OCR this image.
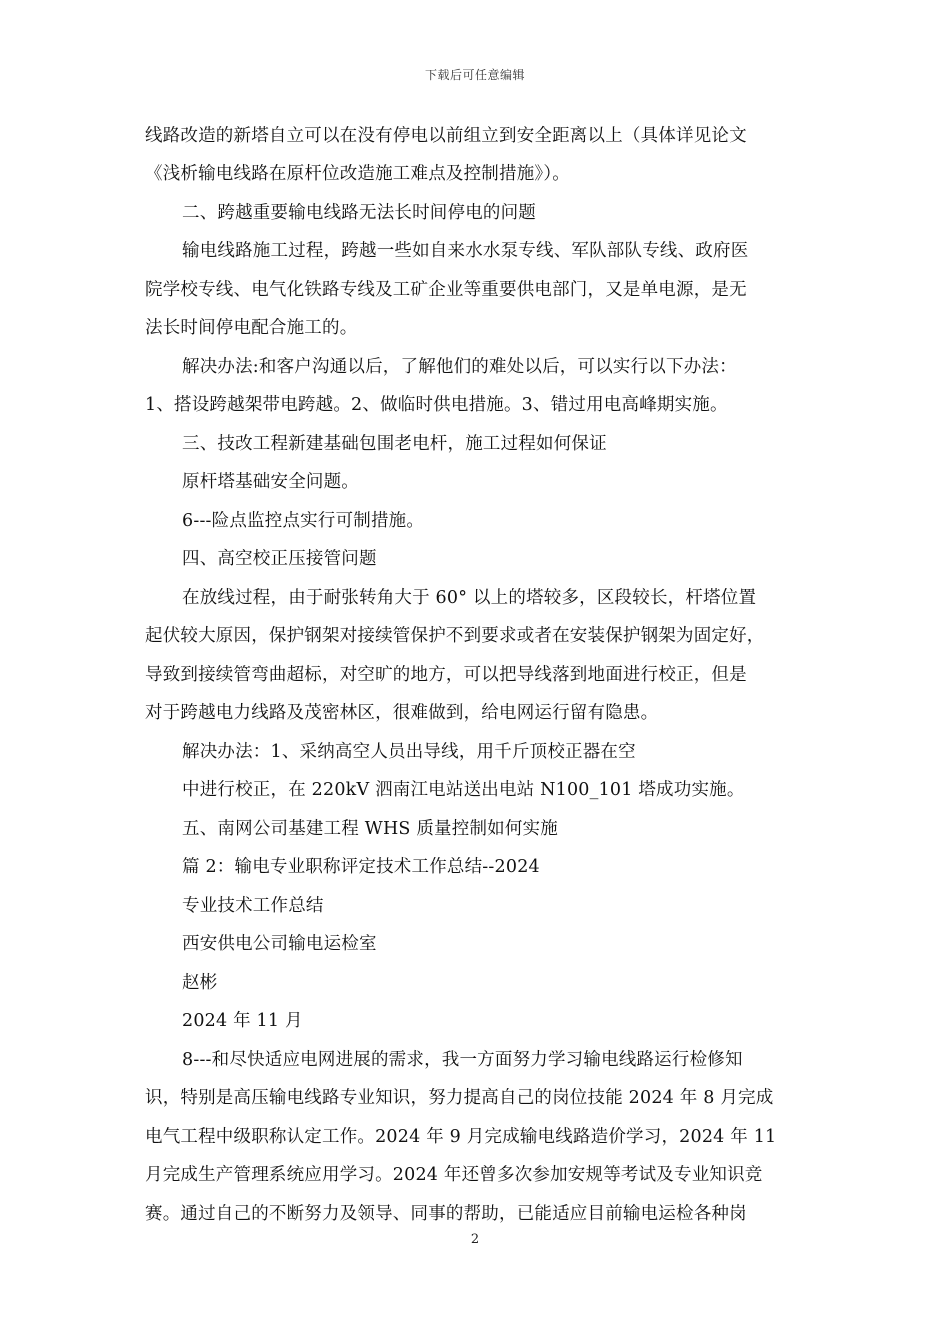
下载后可任意编辑
线路改造的新塔自立可以在没有停电以前组立到安全距离以上（具体详见论文
《浅析输电线路在原杆位改造施工难点及控制措施》）。
二、跨越重要输电线路无法长时间停电的问题
输电线路施工过程，跨越一些如自来水水泵专线、军队部队专线、政府医
院学校专线、电气化铁路专线及工矿企业等重要供电部门，又是单电源，是无
法长时间停电配合施工的。
解决办法:和客户沟通以后，了解他们的难处以后，可以实行以下办法：
1、搭设跨越架带电跨越。2、做临时供电措施。3、错过用电高峰期实施。
三、技改工程新建基础包围老电杆，施工过程如何保证
原杆塔基础安全问题。
6---险点监控点实行可制措施。
四、高空校正压接管问题
在放线过程，由于耐张转角大于 60° 以上的塔较多，区段较长，杆塔位置
起伏较大原因，保护钢架对接续管保护不到要求或者在安装保护钢架为固定好，
导致到接续管弯曲超标，对空旷的地方，可以把导线落到地面进行校正，但是
对于跨越电力线路及茂密林区，很难做到，给电网运行留有隐患。
解决办法：1、采纳高空人员出导线，用千斤顶校正器在空
中进行校正，在 220kV 泗南江电站送出电站 N100_101 塔成功实施。
五、南网公司基建工程 WHS 质量控制如何实施
篇 2：输电专业职称评定技术工作总结--2024
专业技术工作总结
西安供电公司输电运检室
赵彬
2024 年 11 月
8---和尽快适应电网进展的需求，我一方面努力学习输电线路运行检修知
识，特别是高压输电线路专业知识，努力提高自己的岗位技能 2024 年 8 月完成
电气工程中级职称认定工作。2024 年 9 月完成输电线路造价学习，2024 年 11
月完成生产管理系统应用学习。2024 年还曾多次参加安规等考试及专业知识竞
赛。通过自己的不断努力及领导、同事的帮助，已能适应目前输电运检各种岗
2
